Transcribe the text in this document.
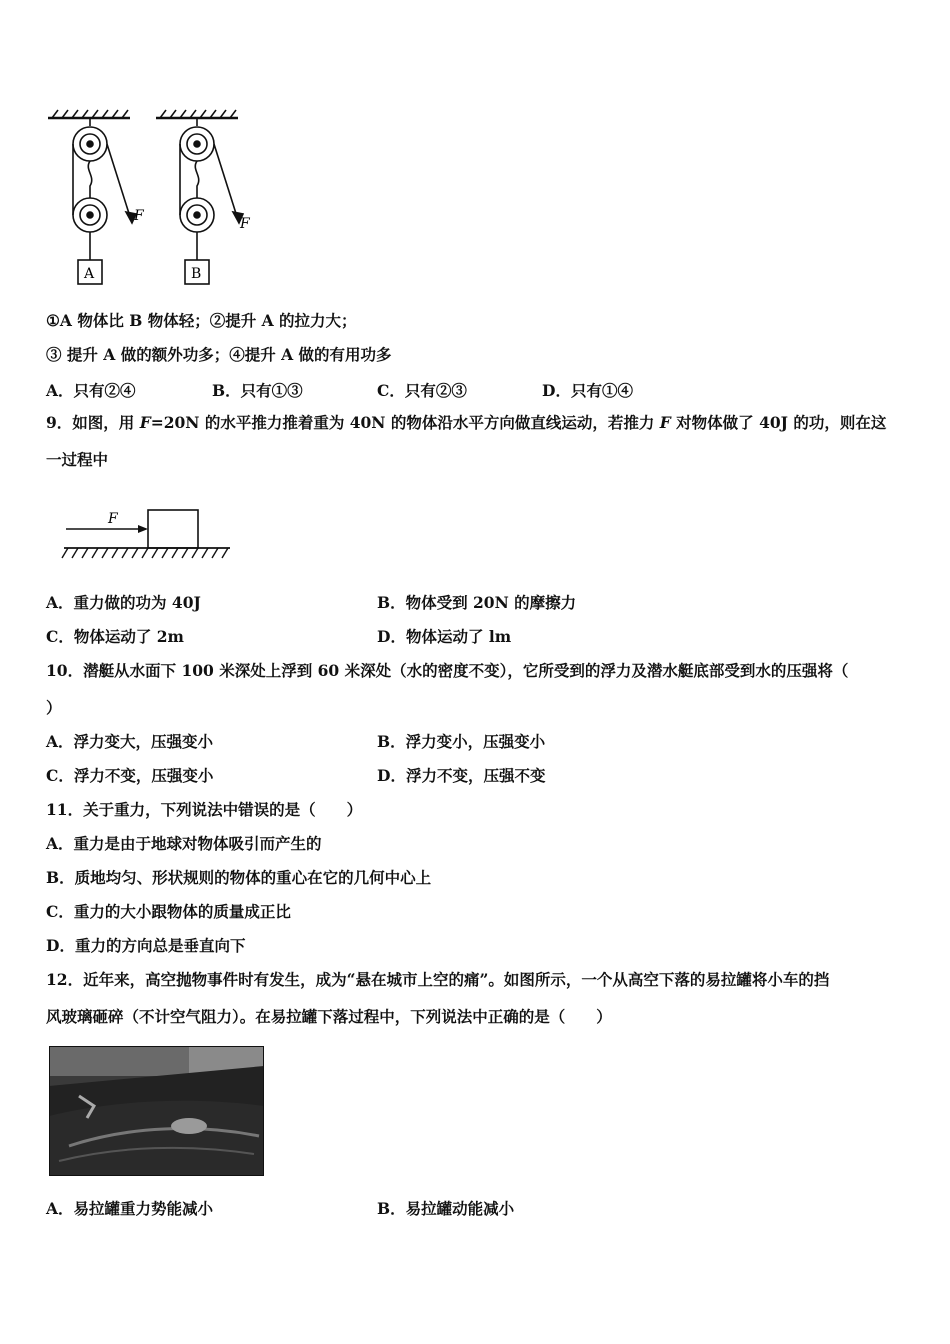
F
A
F
B
①A 物体比 B 物体轻；②提升 A 的拉力大；
③ 提升 A 做的额外功多；④提升 A 做的有用功多
A．只有②④	B．只有①③	C．只有②③	D．只有①④
9．如图，用 F=20N 的水平推力推着重为 40N 的物体沿水平方向做直线运动，若推力 F 对物体做了 40J 的功，则在这
一过程中
F
A．重力做的功为 40J	B．物体受到 20N 的摩擦力
C．物体运动了 2m	D．物体运动了 lm
10．潜艇从水面下 100 米深处上浮到 60 米深处（水的密度不变），它所受到的浮力及潜水艇底部受到水的压强将（
）
A．浮力变大，压强变小	B．浮力变小，压强变小
C．浮力不变，压强变小	D．浮力不变，压强不变
11．关于重力，下列说法中错误的是（　　）
A．重力是由于地球对物体吸引而产生的
B．质地均匀、形状规则的物体的重心在它的几何中心上
C．重力的大小跟物体的质量成正比
D．重力的方向总是垂直向下
12．近年来，高空抛物事件时有发生，成为“悬在城市上空的痛”。如图所示，一个从高空下落的易拉罐将小车的挡
风玻璃砸碎（不计空气阻力）。在易拉罐下落过程中，下列说法中正确的是（　　）
A．易拉罐重力势能减小	B．易拉罐动能减小
